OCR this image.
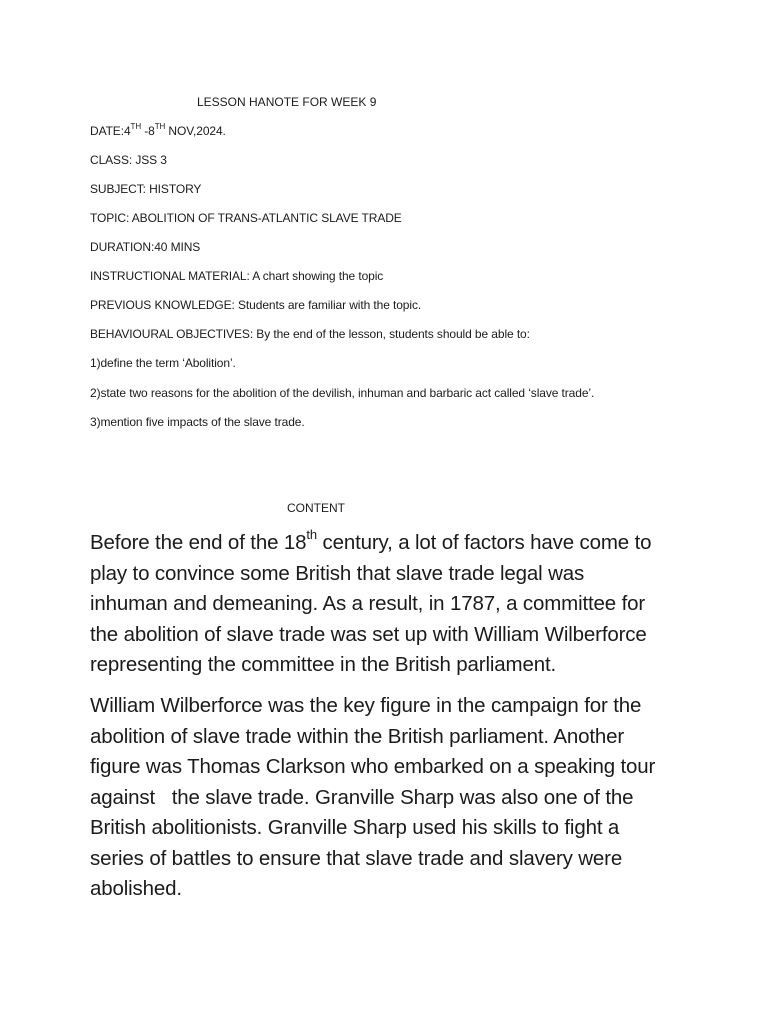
LESSON HANOTE FOR WEEK 9
DATE:4TH -8TH NOV,2024.
CLASS: JSS 3
SUBJECT: HISTORY
TOPIC: ABOLITION OF TRANS-ATLANTIC SLAVE TRADE
DURATION:40 MINS
INSTRUCTIONAL MATERIAL: A chart showing the topic
PREVIOUS KNOWLEDGE: Students are familiar with the topic.
BEHAVIOURAL OBJECTIVES: By the end of the lesson, students should be able to:
1)define the term ‘Abolition’.
2)state two reasons for the abolition of the devilish, inhuman and barbaric act called ‘slave trade’.
3)mention five impacts of the slave trade.
CONTENT
Before the end of the 18th century, a lot of factors have come to
play to convince some British that slave trade legal was
inhuman and demeaning. As a result, in 1787, a committee for
the abolition of slave trade was set up with William Wilberforce
representing the committee in the British parliament.
William Wilberforce was the key figure in the campaign for the
abolition of slave trade within the British parliament. Another
figure was Thomas Clarkson who embarked on a speaking tour
against   the slave trade. Granville Sharp was also one of the
British abolitionists. Granville Sharp used his skills to fight a
series of battles to ensure that slave trade and slavery were
abolished.
